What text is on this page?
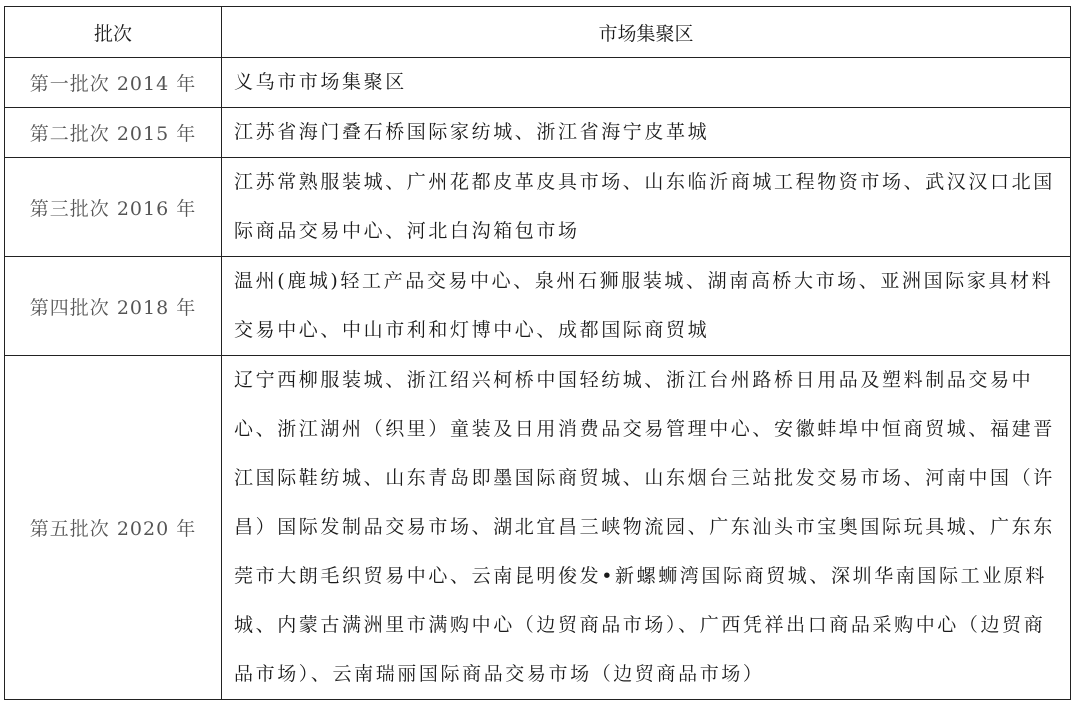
批次	市场集聚区
第一批次 2014 年	义乌市市场集聚区
第二批次 2015 年	江苏省海门叠石桥国际家纺城、浙江省海宁皮革城
第三批次 2016 年	江苏常熟服装城、广州花都皮革皮具市场、山东临沂商城工程物资市场、武汉汉口北国际商品交易中心、河北白沟箱包市场
第四批次 2018 年	温州(鹿城)轻工产品交易中心、泉州石狮服装城、湖南高桥大市场、亚洲国际家具材料交易中心、中山市利和灯博中心、成都国际商贸城
第五批次 2020 年	辽宁西柳服装城、浙江绍兴柯桥中国轻纺城、浙江台州路桥日用品及塑料制品交易中心、浙江湖州（织里）童装及日用消费品交易管理中心、安徽蚌埠中恒商贸城、福建晋江国际鞋纺城、山东青岛即墨国际商贸城、山东烟台三站批发交易市场、河南中国（许昌）国际发制品交易市场、湖北宜昌三峡物流园、广东汕头市宝奥国际玩具城、广东东莞市大朗毛织贸易中心、云南昆明俊发•新螺蛳湾国际商贸城、深圳华南国际工业原料城、内蒙古满洲里市满购中心（边贸商品市场）、广西凭祥出口商品采购中心（边贸商品市场）、云南瑞丽国际商品交易市场（边贸商品市场）
